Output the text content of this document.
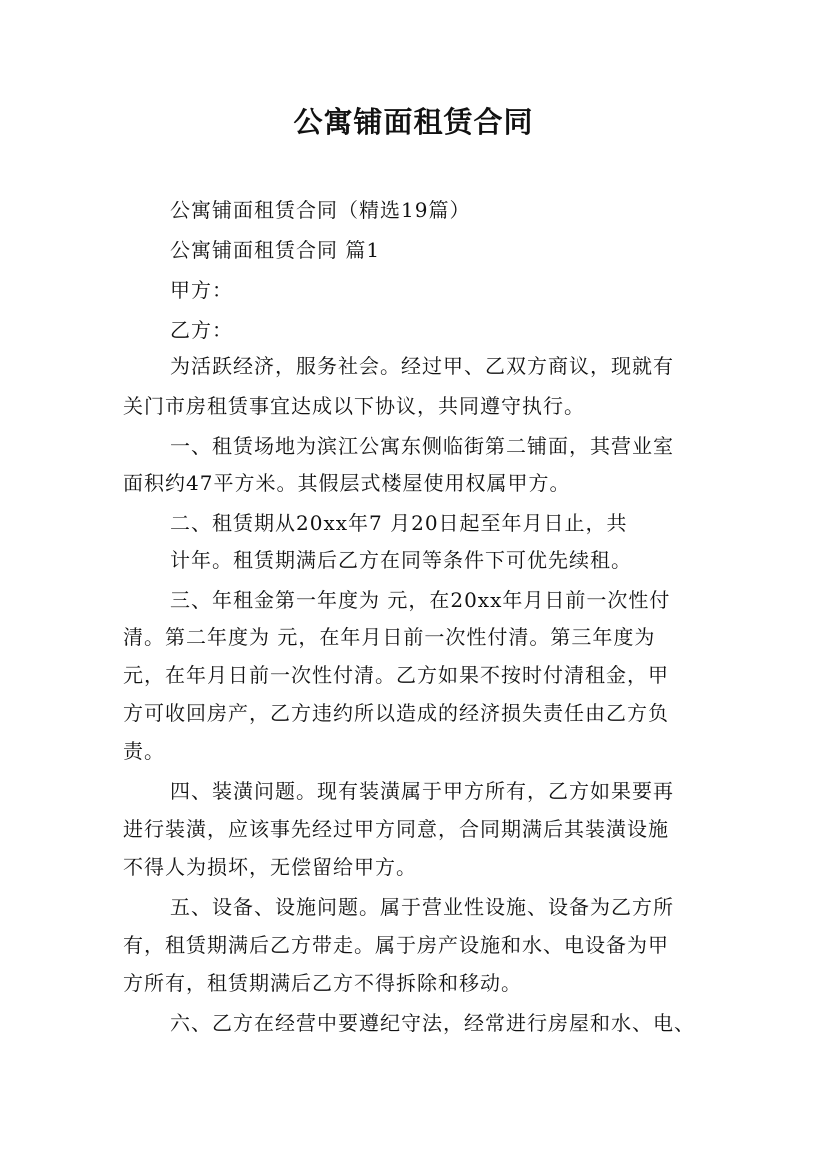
公寓铺面租赁合同
公寓铺面租赁合同（精选19篇）
公寓铺面租赁合同 篇1
甲方：
乙方：
为活跃经济，服务社会。经过甲、乙双方商议，现就有
关门市房租赁事宜达成以下协议，共同遵守执行。
一、租赁场地为滨江公寓东侧临街第二铺面，其营业室
面积约47平方米。其假层式楼屋使用权属甲方。
二、租赁期从20xx年7 月20日起至年月日止，共
计年。租赁期满后乙方在同等条件下可优先续租。
三、年租金第一年度为 元，在20xx年月日前一次性付
清。第二年度为 元，在年月日前一次性付清。第三年度为
元，在年月日前一次性付清。乙方如果不按时付清租金，甲
方可收回房产，乙方违约所以造成的经济损失责任由乙方负
责。
四、装潢问题。现有装潢属于甲方所有，乙方如果要再
进行装潢，应该事先经过甲方同意，合同期满后其装潢设施
不得人为损坏，无偿留给甲方。
五、设备、设施问题。属于营业性设施、设备为乙方所
有，租赁期满后乙方带走。属于房产设施和水、电设备为甲
方所有，租赁期满后乙方不得拆除和移动。
六、乙方在经营中要遵纪守法，经常进行房屋和水、电、
